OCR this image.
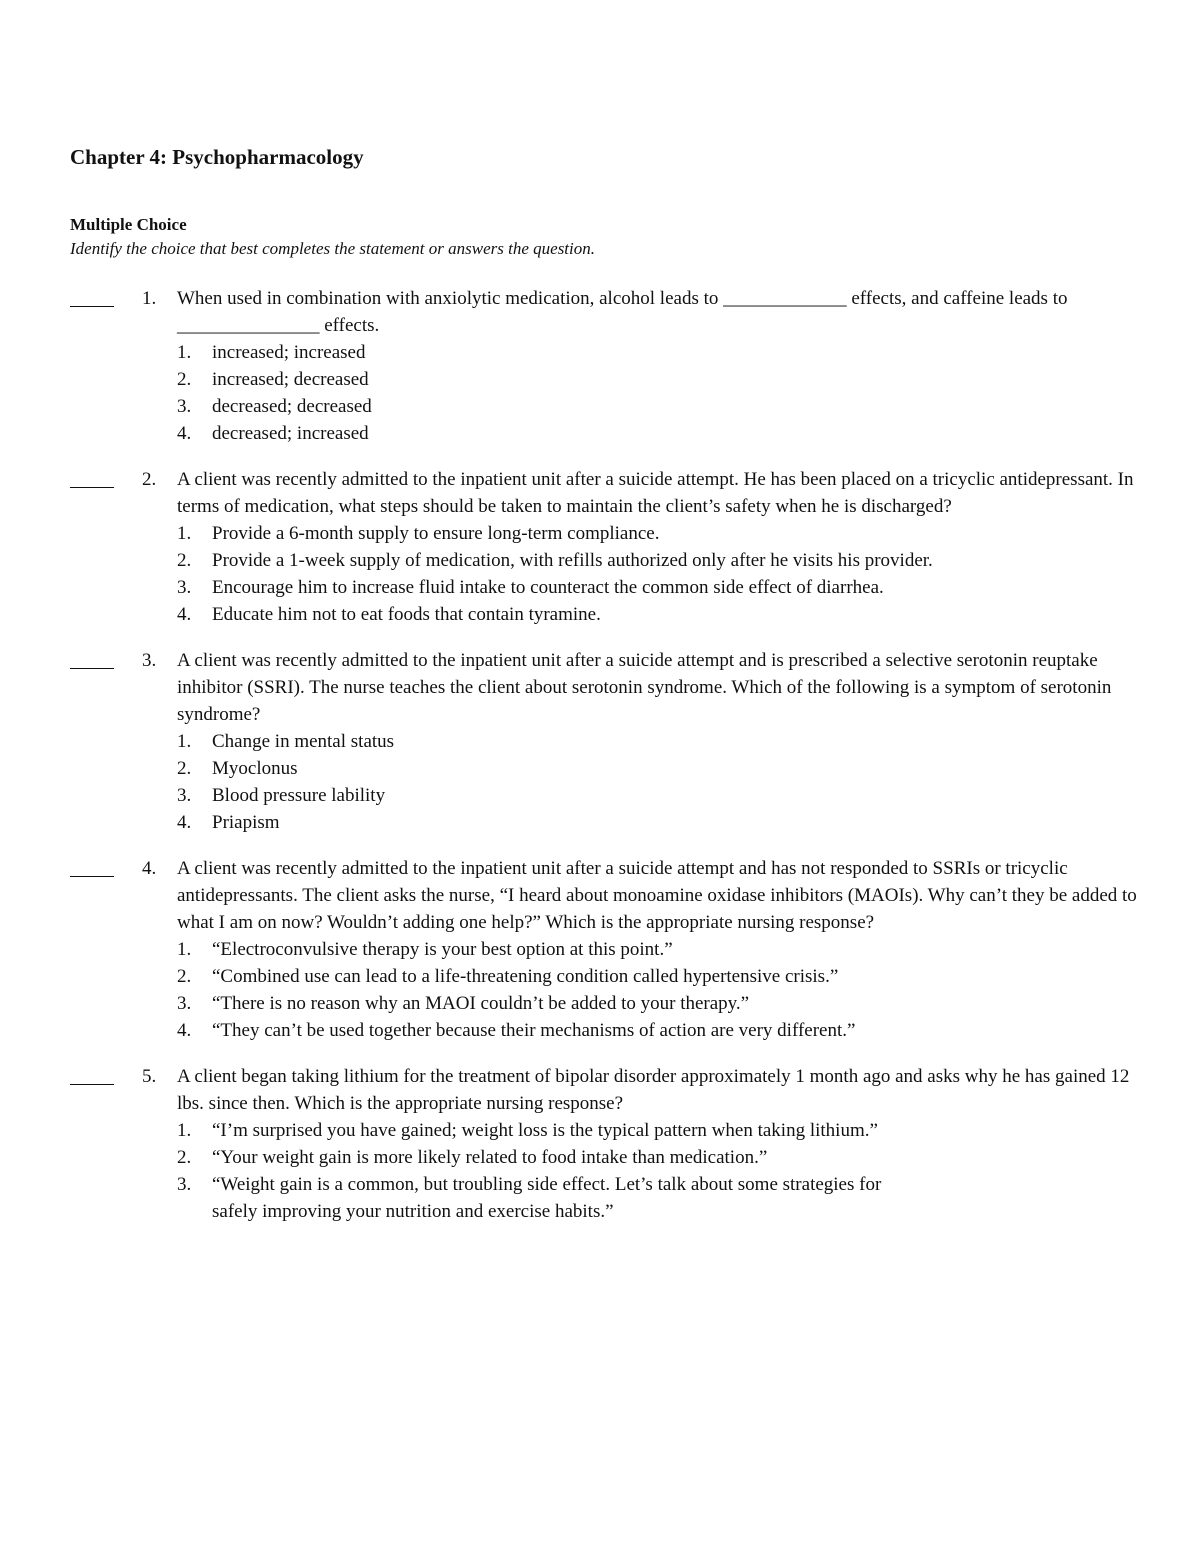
Chapter 4: Psychopharmacology
Multiple Choice
Identify the choice that best completes the statement or answers the question.
1.	When used in combination with anxiolytic medication, alcohol leads to _____________ effects, and caffeine leads to _______________ effects.

1. increased; increased
2. increased; decreased
3. decreased; decreased
4. decreased; increased
2.	A client was recently admitted to the inpatient unit after a suicide attempt. He has been placed on a tricyclic antidepressant. In terms of medication, what steps should be taken to maintain the client’s safety when he is discharged?

1. Provide a 6-month supply to ensure long-term compliance.
2. Provide a 1-week supply of medication, with refills authorized only after he visits his provider.
3. Encourage him to increase fluid intake to counteract the common side effect of diarrhea.
4. Educate him not to eat foods that contain tyramine.
3.	A client was recently admitted to the inpatient unit after a suicide attempt and is prescribed a selective serotonin reuptake inhibitor (SSRI). The nurse teaches the client about serotonin syndrome. Which of the following is a symptom of serotonin syndrome?

1. Change in mental status
2. Myoclonus
3. Blood pressure lability
4. Priapism
4.	A client was recently admitted to the inpatient unit after a suicide attempt and has not responded to SSRIs or tricyclic antidepressants. The client asks the nurse, “I heard about monoamine oxidase inhibitors (MAOIs). Why can’t they be added to what I am on now? Wouldn’t adding one help?” Which is the appropriate nursing response?

1. “Electroconvulsive therapy is your best option at this point.”
2. “Combined use can lead to a life-threatening condition called hypertensive crisis.”
3. “There is no reason why an MAOI couldn’t be added to your therapy.”
4. “They can’t be used together because their mechanisms of action are very different.”
5.	A client began taking lithium for the treatment of bipolar disorder approximately 1 month ago and asks why he has gained 12 lbs. since then. Which is the appropriate nursing response?

1. “I’m surprised you have gained; weight loss is the typical pattern when taking lithium.”
2. “Your weight gain is more likely related to food intake than medication.”
3. “Weight gain is a common, but troubling side effect. Let’s talk about some strategies for safely improving your nutrition and exercise habits.”
